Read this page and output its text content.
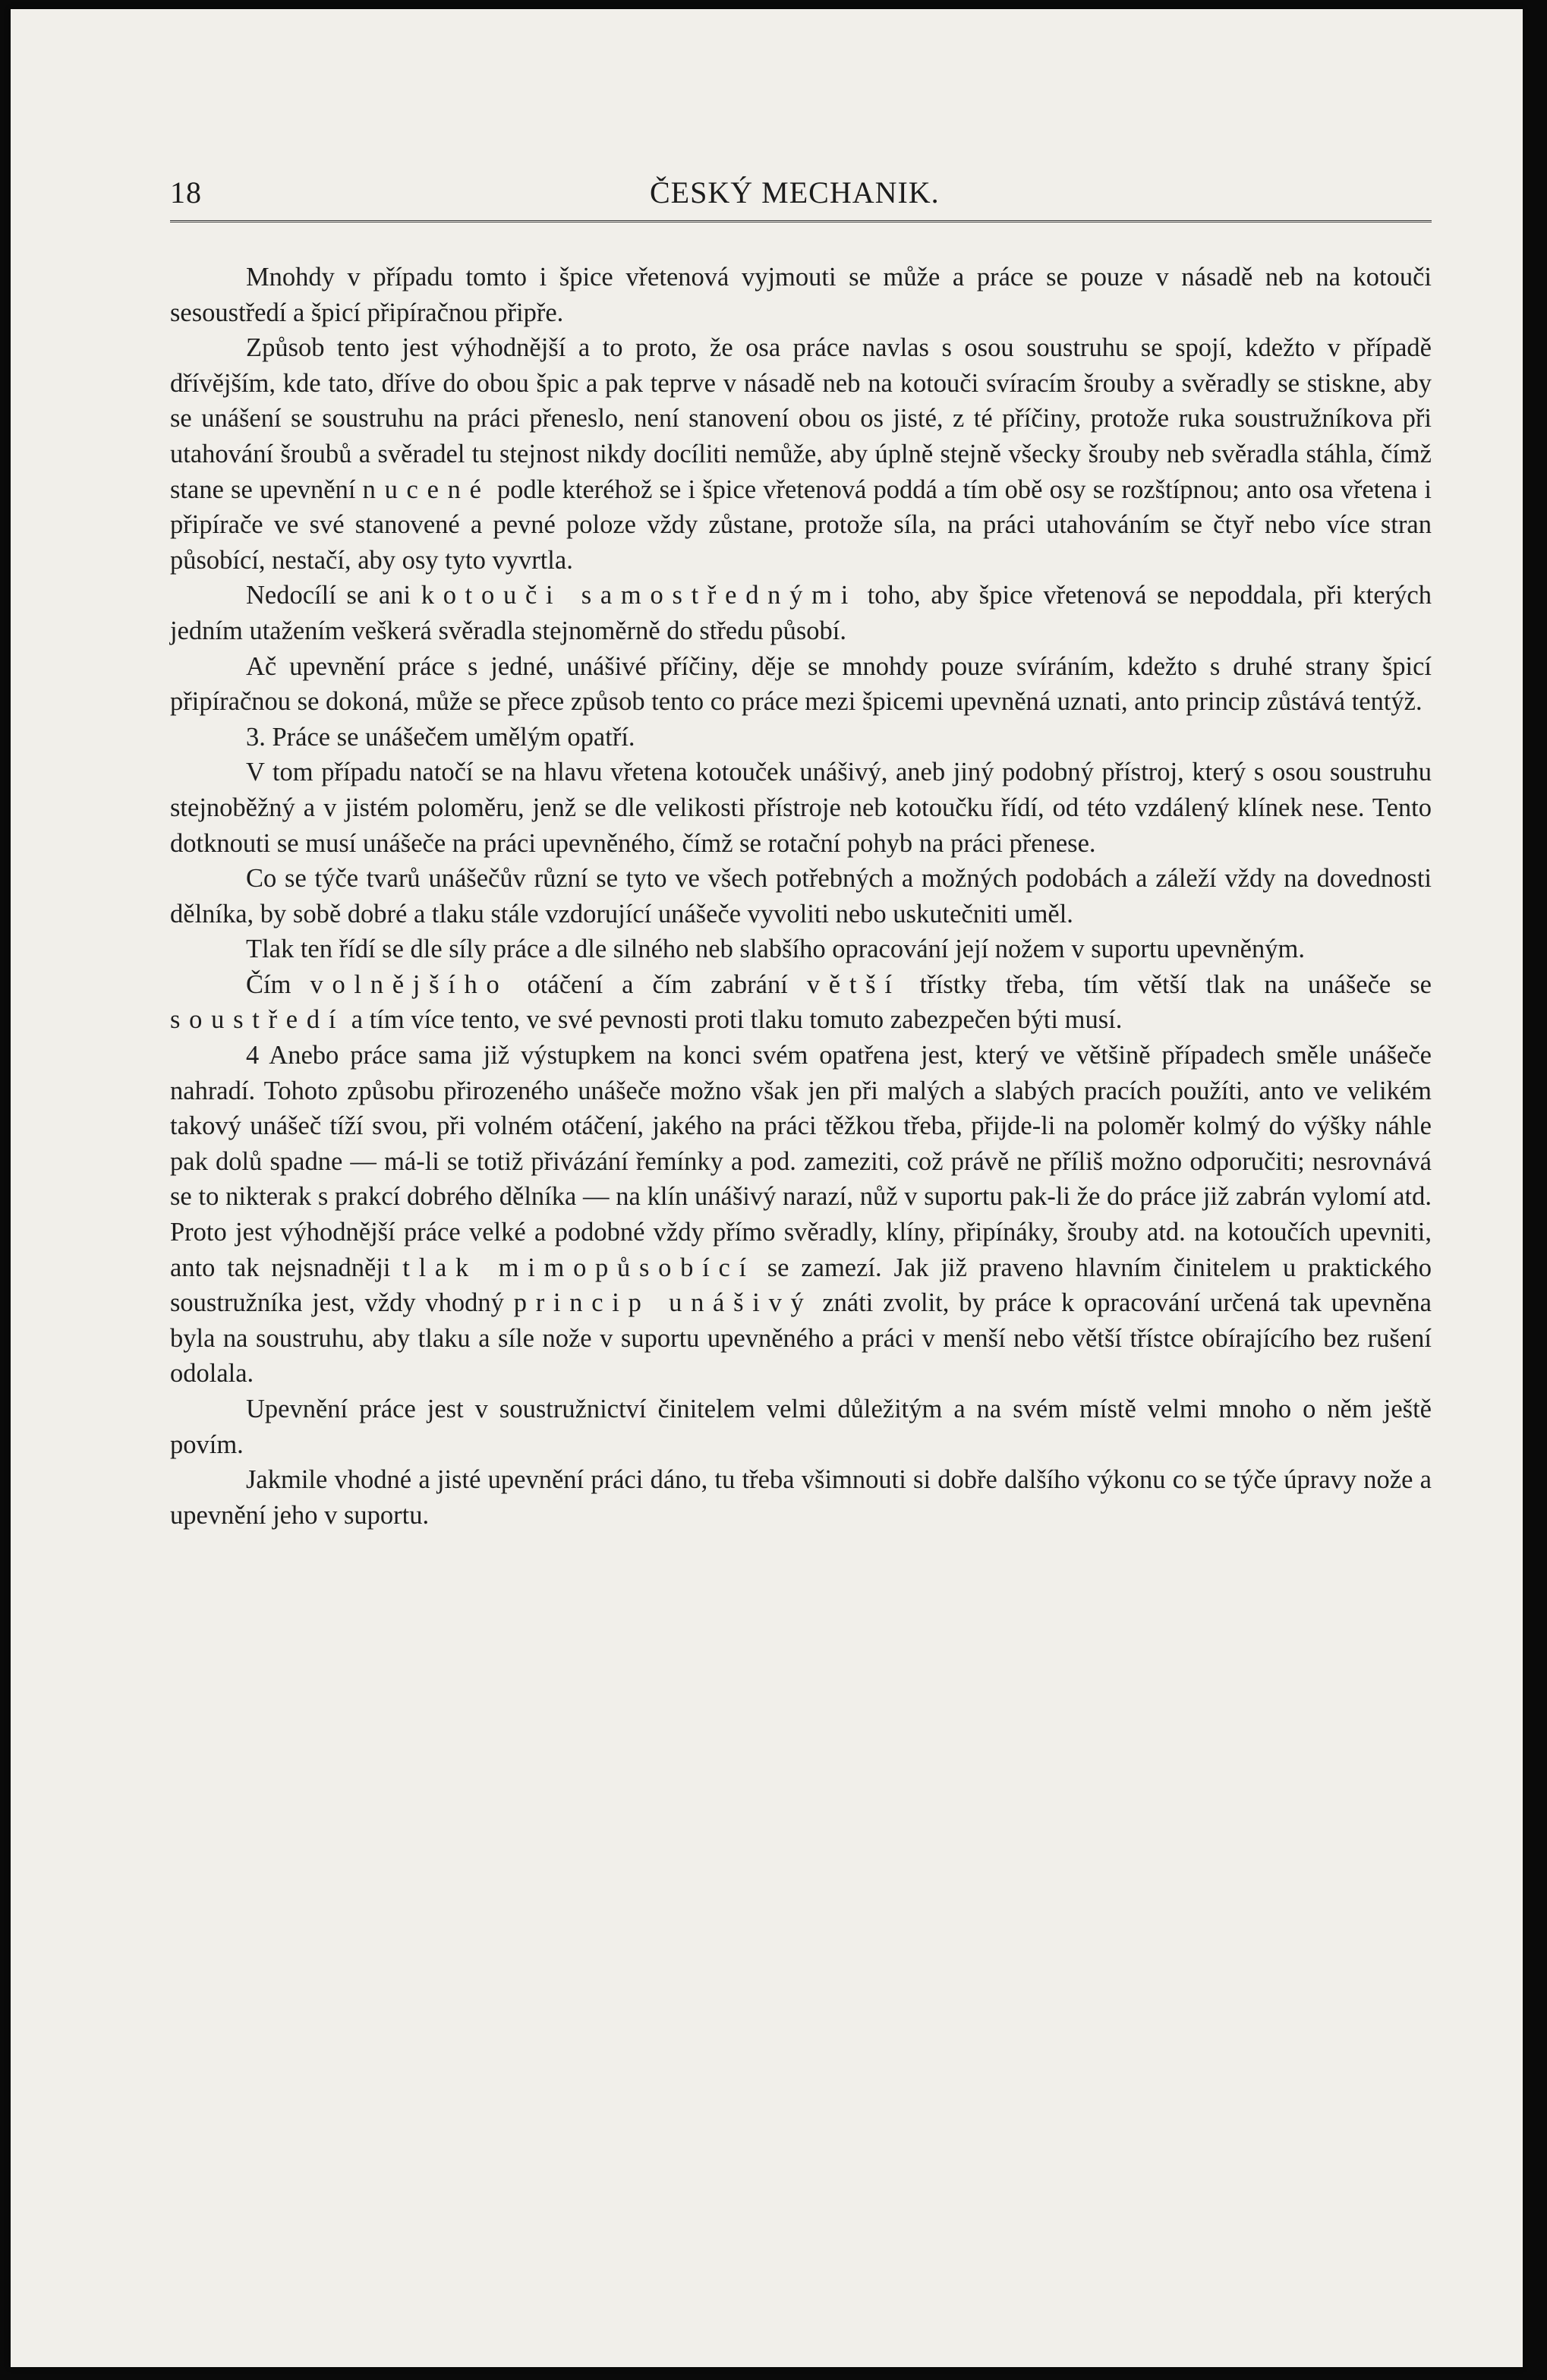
18	ČESKÝ MECHANIK.

Mnohdy v případu tomto i špice vřetenová vyjmouti se může a práce se pouze v násadě neb na kotouči sesoustředí a špicí připíračnou připře.

Způsob tento jest výhodnější a to proto, že osa práce navlas s osou soustruhu se spojí, kdežto v případě dřívějším, kde tato, dříve do obou špic a pak teprve v násadě neb na kotouči svíracím šrouby a svěradly se stiskne, aby se unášení se soustruhu na práci přeneslo, není stanovení obou os jisté, z té příčiny, protože ruka soustružníkova při utahování šroubů a svěradel tu stejnost nikdy docíliti nemůže, aby úplně stejně všecky šrouby neb svěradla stáhla, čímž stane se upevnění nucené podle kteréhož se i špice vřetenová poddá a tím obě osy se rozštípnou; anto osa vřetena i připírače ve své stanovené a pevné poloze vždy zůstane, protože síla, na práci utahováním se čtyř nebo více stran působící, nestačí, aby osy tyto vyvrtla.

Nedocílí se ani kotouči samostřednými toho, aby špice vřetenová se nepoddala, při kterých jedním utažením veškerá svěradla stejnoměrně do středu působí.

Ač upevnění práce s jedné, unášivé příčiny, děje se mnohdy pouze svíráním, kdežto s druhé strany špicí připíračnou se dokoná, může se přece způsob tento co práce mezi špicemi upevněná uznati, anto princip zůstává tentýž.

3. Práce se unášečem umělým opatří.

V tom případu natočí se na hlavu vřetena kotouček unášivý, aneb jiný podobný přístroj, který s osou soustruhu stejnoběžný a v jistém poloměru, jenž se dle velikosti přístroje neb kotoučku řídí, od této vzdálený klínek nese. Tento dotknouti se musí unášeče na práci upevněného, čímž se rotační pohyb na práci přenese.

Co se týče tvarů unášečův různí se tyto ve všech potřebných a možných podobách a záleží vždy na dovednosti dělníka, by sobě dobré a tlaku stále vzdorující unášeče vyvoliti nebo uskutečniti uměl.

Tlak ten řídí se dle síly práce a dle silného neb slabšího opracování její nožem v suportu upevněným.

Čím volnějšího otáčení a čím zabrání větší třístky třeba, tím větší tlak na unášeče se soustředí a tím více tento, ve své pevnosti proti tlaku tomuto zabezpečen býti musí.

4 Anebo práce sama již výstupkem na konci svém opatřena jest, který ve většině případech směle unášeče nahradí. Tohoto způsobu přirozeného unášeče možno však jen při malých a slabých pracích použíti, anto ve velikém takový unášeč tíží svou, při volném otáčení, jakého na práci těžkou třeba, přijde-li na poloměr kolmý do výšky náhle pak dolů spadne — má-li se totiž přivázání řemínky a pod. zameziti, což právě ne příliš možno odporučiti; nesrovnává se to nikterak s prakcí dobrého dělníka — na klín unášivý narazí, nůž v suportu pak-li že do práce již zabrán vylomí atd. Proto jest výhodnější práce velké a podobné vždy přímo svěradly, klíny, připínáky, šrouby atd. na kotoučích upevniti, anto tak nejsnadněji tlak mimopůsobící se zamezí. Jak již praveno hlavním činitelem u praktického soustružníka jest, vždy vhodný princip unášivý znáti zvolit, by práce k opracování určená tak upevněna byla na soustruhu, aby tlaku a síle nože v suportu upevněného a práci v menší nebo větší třístce obírajícího bez rušení odolala.

Upevnění práce jest v soustružnictví činitelem velmi důležitým a na svém místě velmi mnoho o něm ještě povím.

Jakmile vhodné a jisté upevnění práci dáno, tu třeba všimnouti si dobře dalšího výkonu co se týče úpravy nože a upevnění jeho v suportu.
